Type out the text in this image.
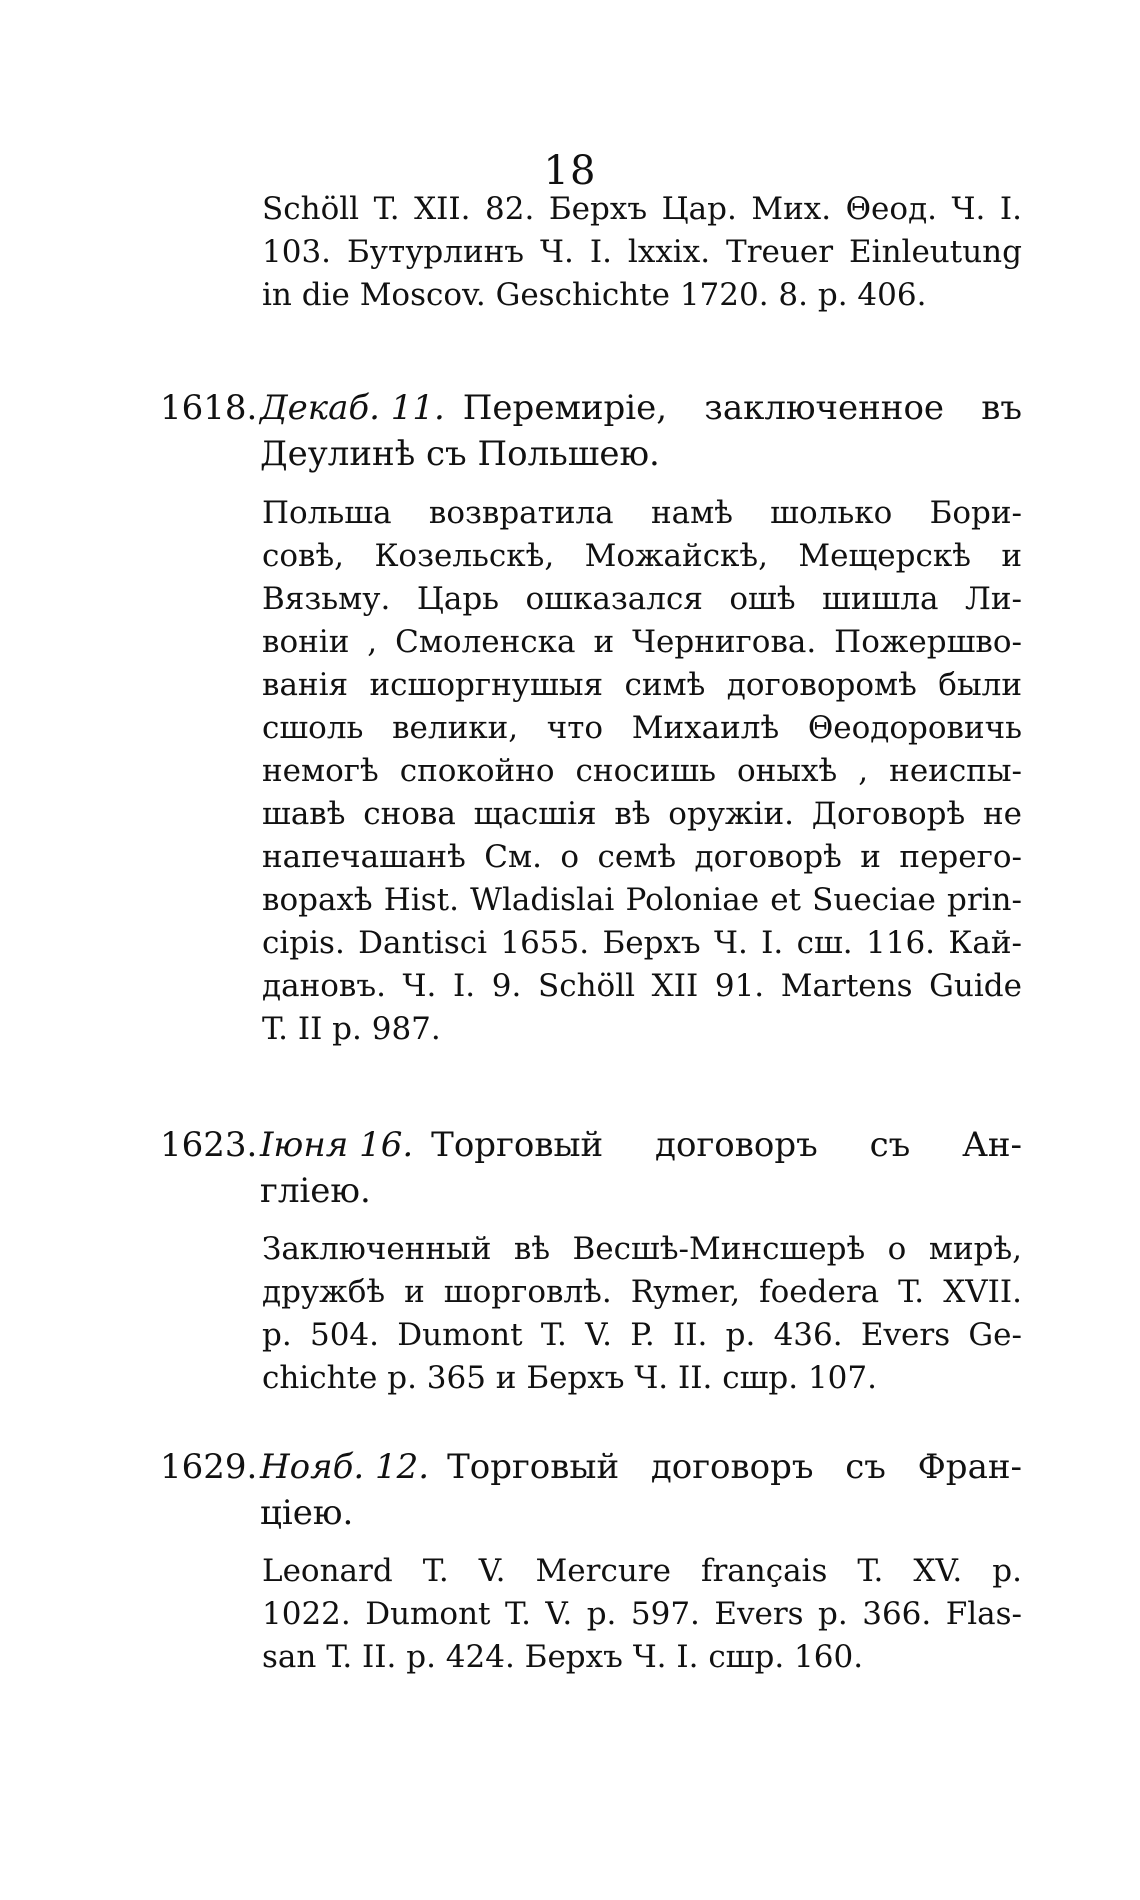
18
Schöll T. XII. 82. Берхъ Цар. Мих. Θеод. Ч. I.
103. Бутурлинъ Ч. I. lxxix. Treuer Einleutung
in die Moscov. Geschichte 1720. 8. p. 406.
1618. Декаб. 11. Перемиріе, заключенное въ
Деулинѣ съ Польшею.
Польша возвратила намѣ шолько Бори-
совѣ, Козельскѣ, Можайскѣ, Мещерскѣ и
Вязьму. Царь ошказался ошѣ шишла Ли-
воніи , Смоленска и Чернигова. Пожершво-
ванія исшоргнушыя симѣ договоромѣ были
сшоль велики, что Михаилѣ Θеодоровичь
немогѣ спокойно сносишь оныхѣ , неиспы-
шавѣ снова щасшія вѣ оружіи. Договорѣ не
напечашанѣ См. о семѣ договорѣ и перего-
ворахѣ Hist. Wladislai Poloniae et Sueciae prin-
cipis. Dantisci 1655. Берхъ Ч. I. сш. 116. Кай-
дановъ. Ч. I. 9. Schöll XII 91. Martens Guide
T. II p. 987.
1623. Іюня 16. Торговый договоръ съ Ан-
гліею.
Заключенный вѣ Весшѣ-Минсшерѣ о мирѣ,
дружбѣ и шорговлѣ. Rymer, foedera T. XVII.
p. 504. Dumont T. V. P. II. p. 436. Evers Ge-
chichte p. 365 и Берхъ Ч. II. сшр. 107.
1629. Нояб. 12. Торговый договоръ съ Фран-
ціею.
Leonard T. V. Mercure français T. XV. p.
1022. Dumont T. V. p. 597. Evers p. 366. Flas-
san T. II. p. 424. Берхъ Ч. I. сшр. 160.
